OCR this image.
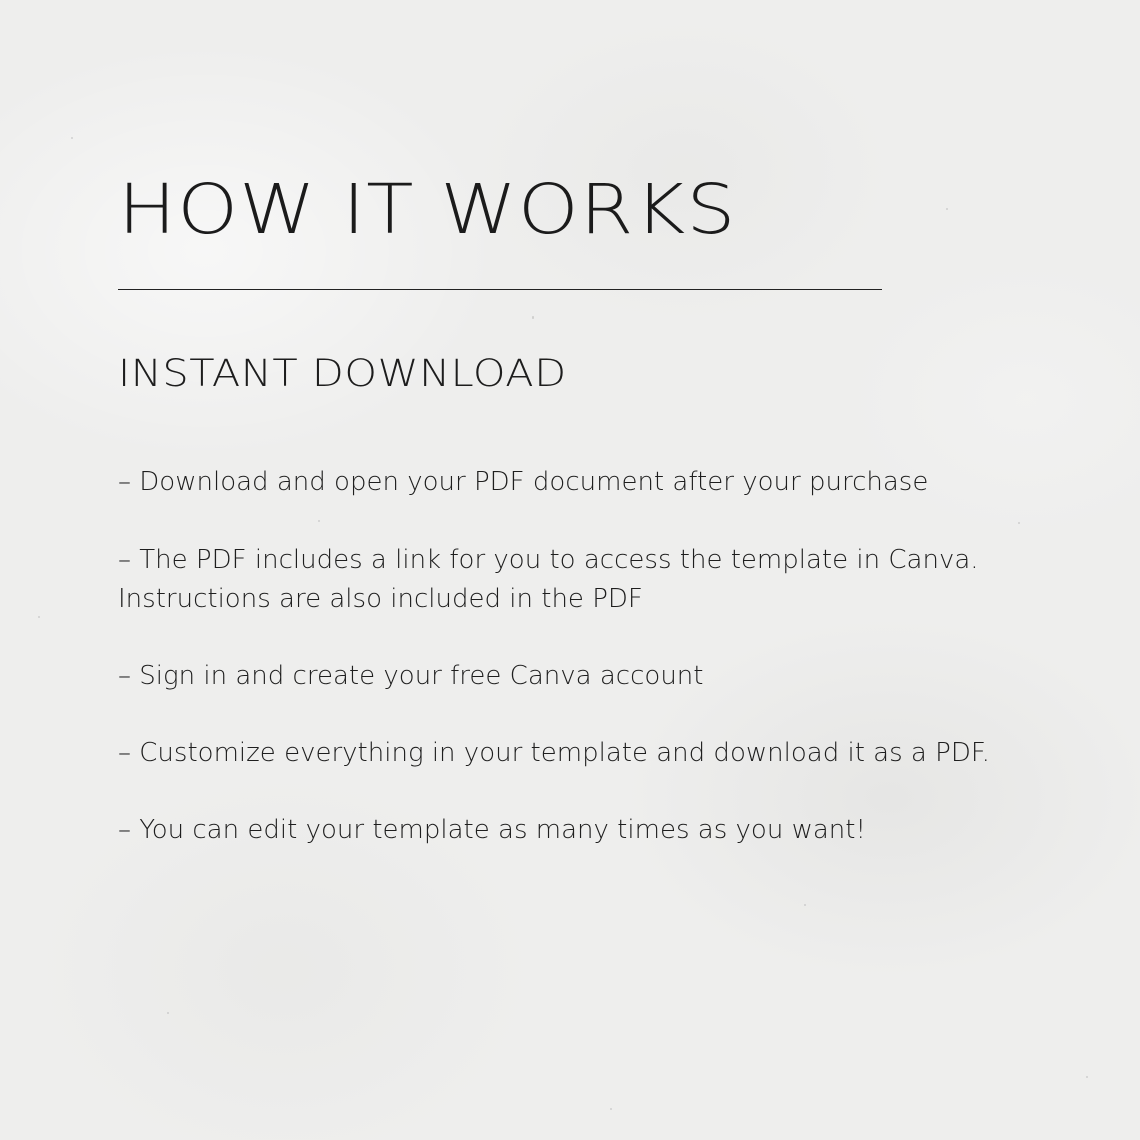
HOW IT WORKS
INSTANT DOWNLOAD

– Download and open your PDF document after your purchase

– The PDF includes a link for you to access the template in Canva.
Instructions are also included in the PDF

– Sign in and create your free Canva account

– Customize everything in your template and download it as a PDF.

– You can edit your template as many times as you want!
